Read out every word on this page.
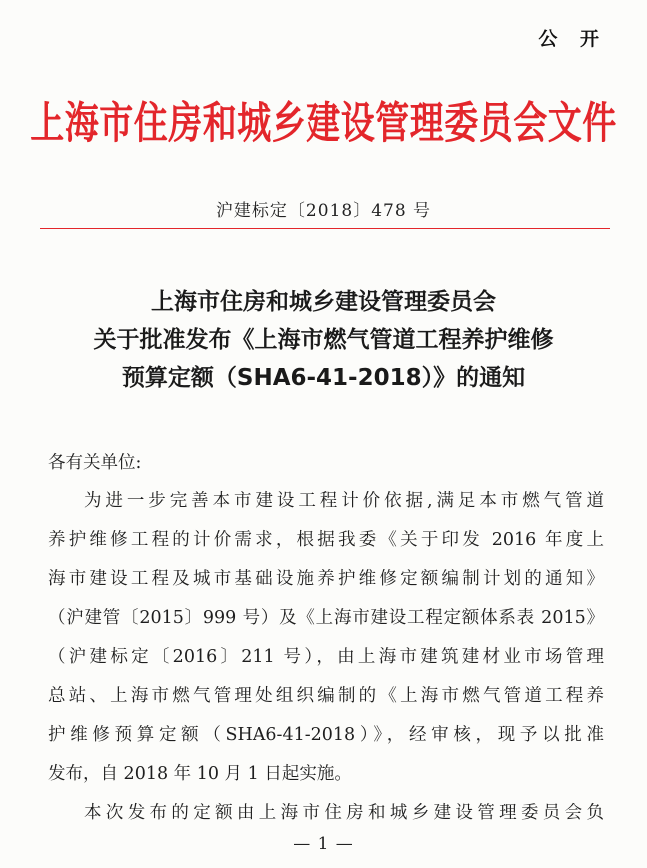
公 开
上海市住房和城乡建设管理委员会文件
沪建标定〔2018〕478 号
上海市住房和城乡建设管理委员会
关于批准发布《上海市燃气管道工程养护维修
预算定额（SHA6-41-2018）》的通知
各有关单位:
为进一步完善本市建设工程计价依据,满足本市燃气管道
养护维修工程的计价需求，根据我委《关于印发 2016 年度上
海市建设工程及城市基础设施养护维修定额编制计划的通知》
（沪建管〔2015〕999 号）及《上海市建设工程定额体系表 2015》
（沪建标定〔2016〕211 号），由上海市建筑建材业市场管理
总站、上海市燃气管理处组织编制的《上海市燃气管道工程养
护维修预算定额（SHA6-41-2018）》，经审核，现予以批准
发布，自 2018 年 10 月 1 日起实施。
本次发布的定额由上海市住房和城乡建设管理委员会负
— 1 —
